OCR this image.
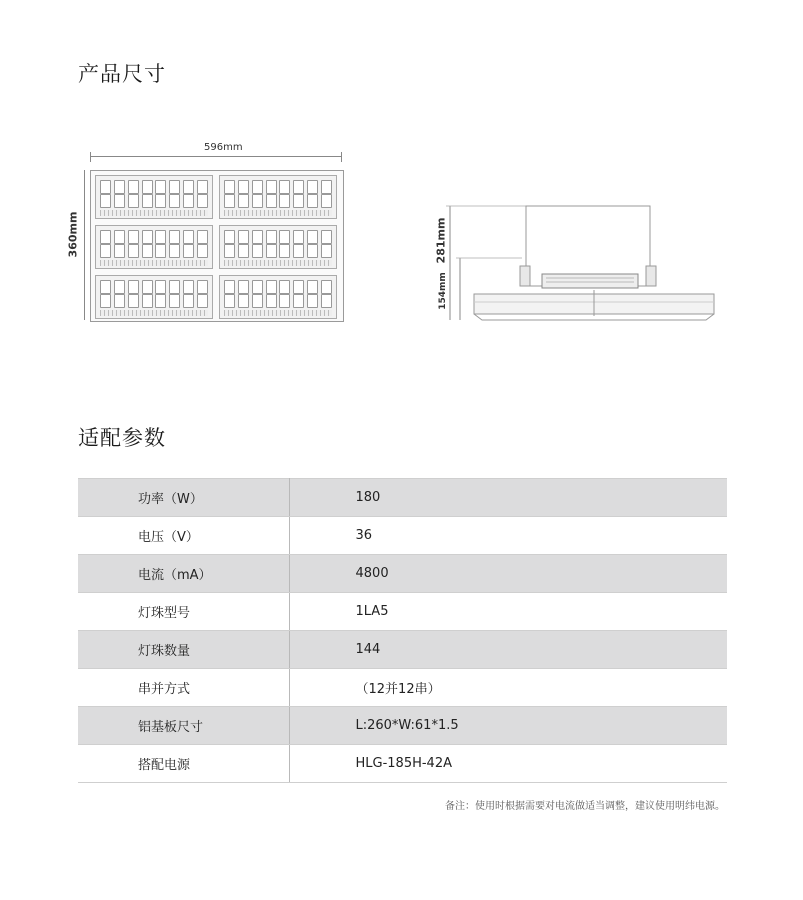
产品尺寸
596mm
360mm	281mm
154mm
适配参数
功率（W）	180
电压（V）	36
电流（mA）	4800
灯珠型号	1LA5
灯珠数量	144
串并方式	（12并12串）
铝基板尺寸	L:260*W:61*1.5
搭配电源	HLG-185H-42A
备注：使用时根据需要对电流做适当调整，建议使用明纬电源。
